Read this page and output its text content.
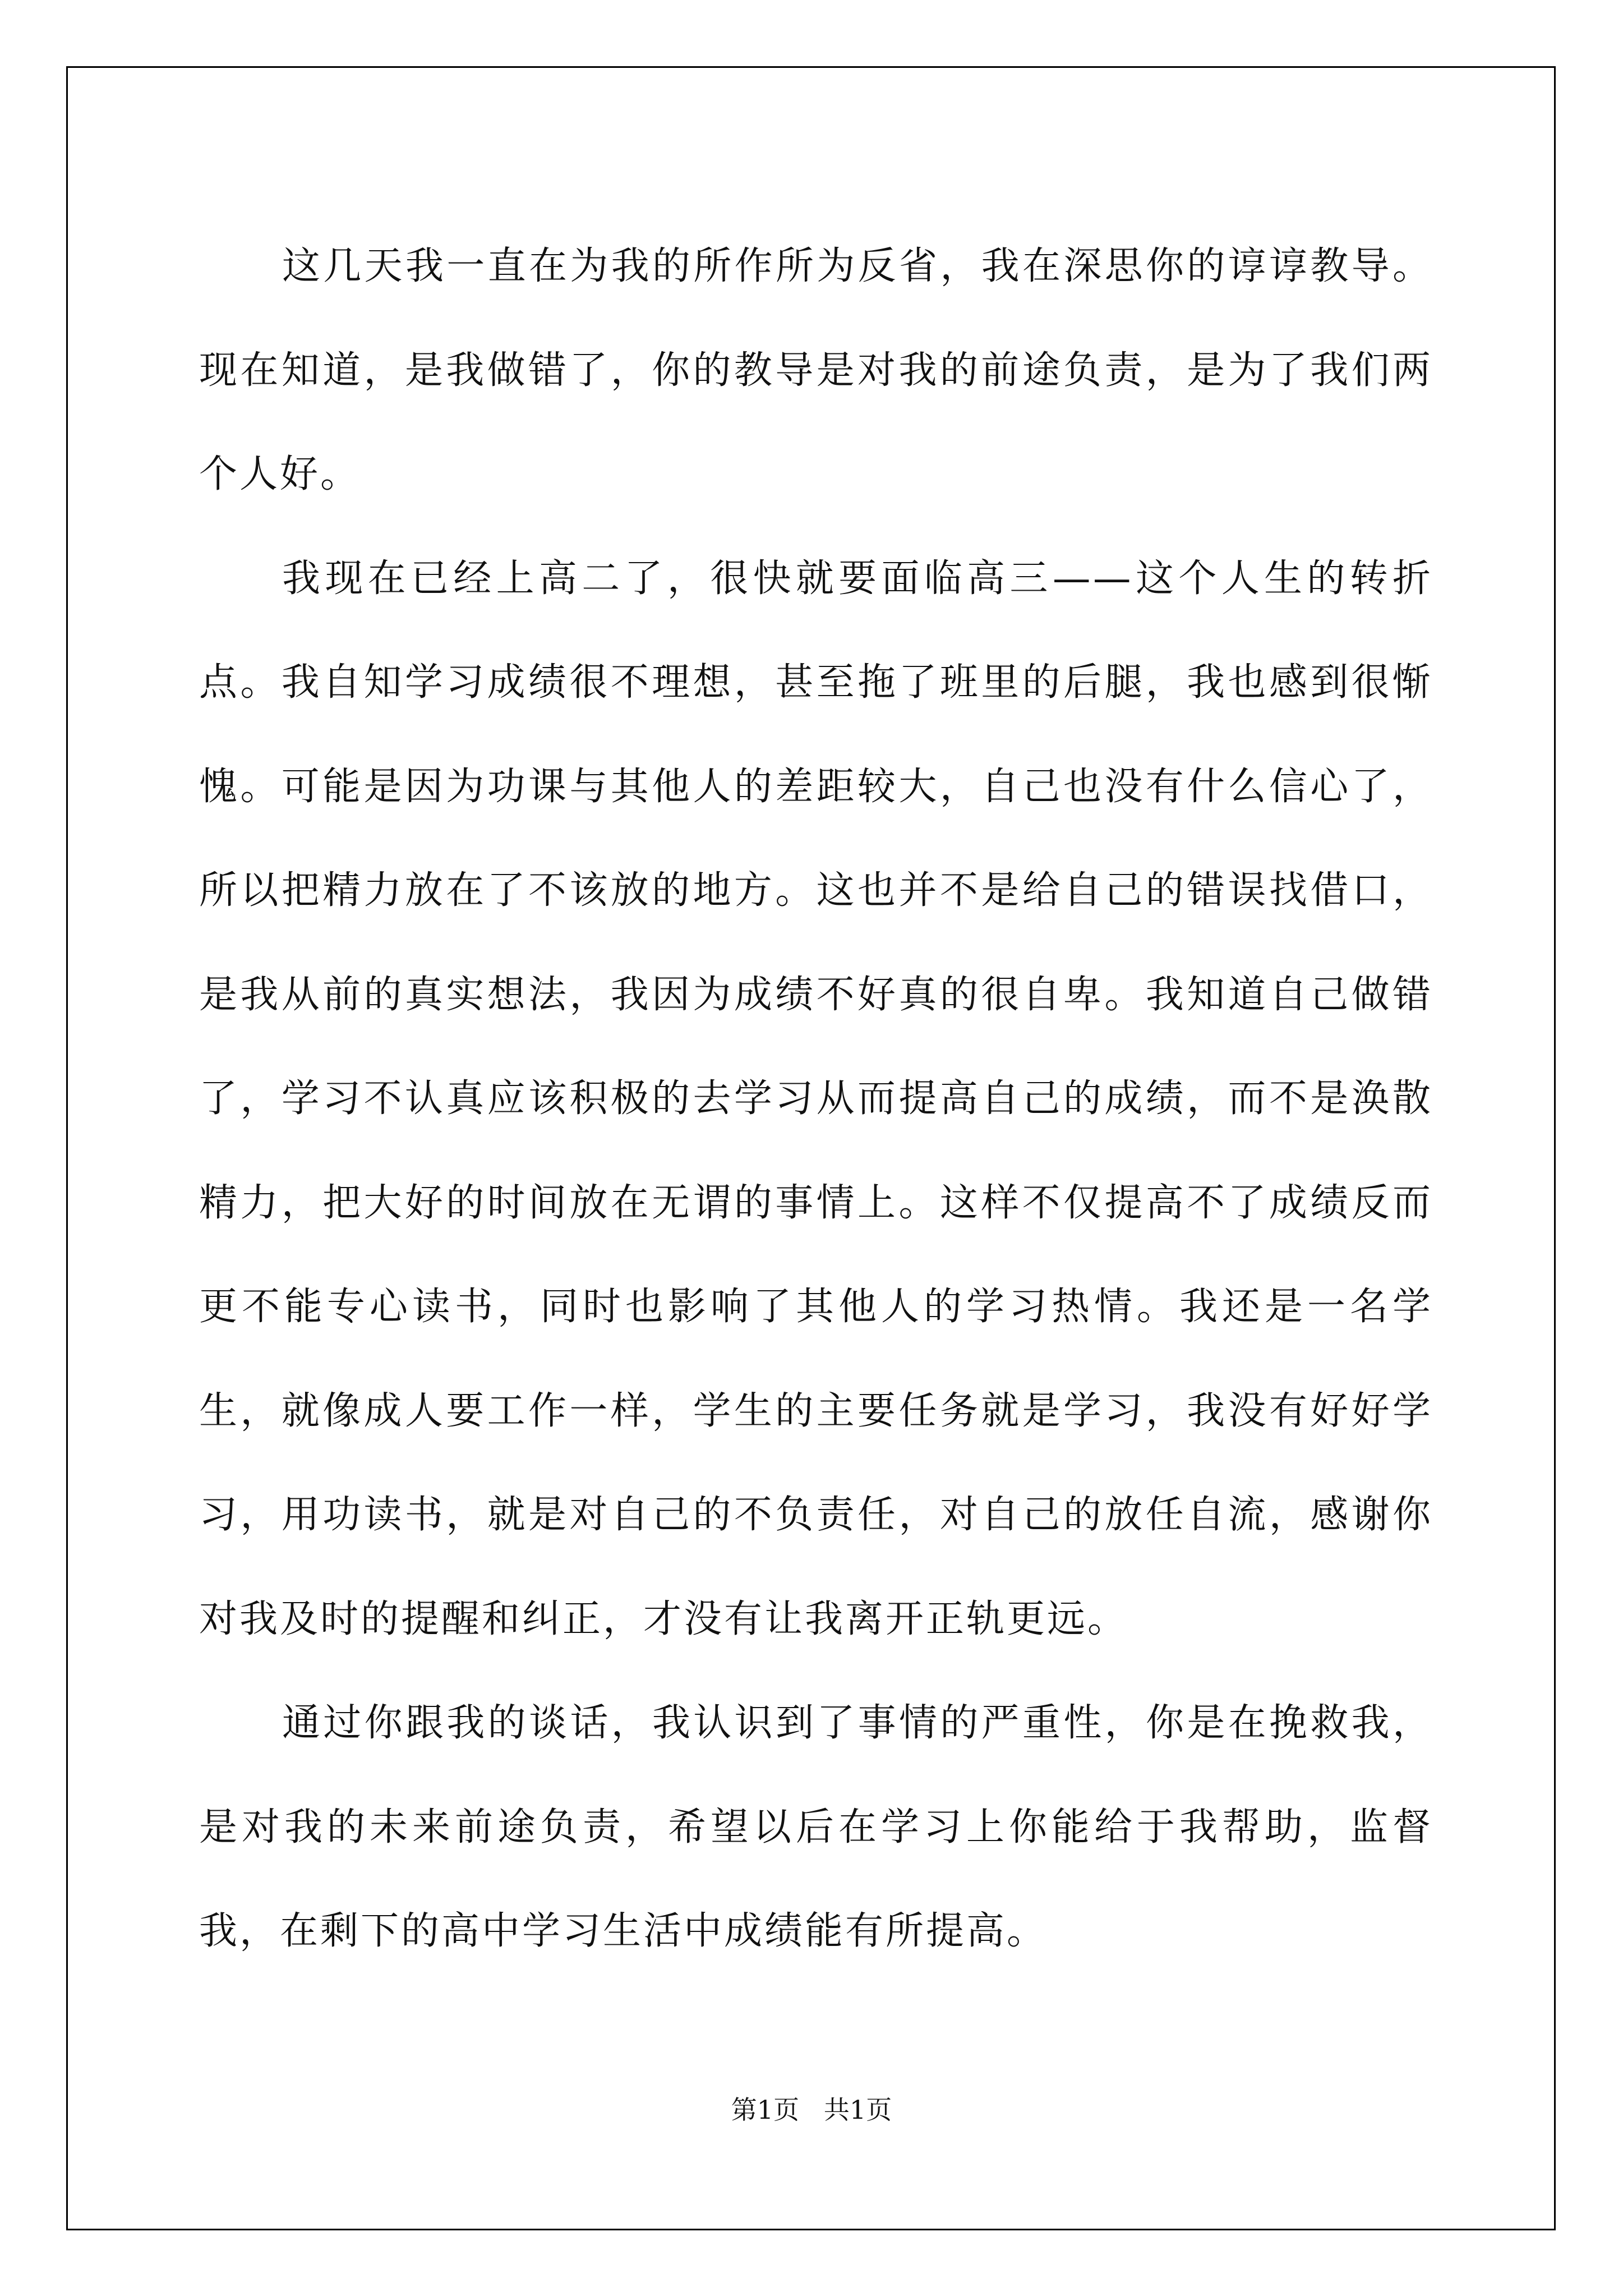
这几天我一直在为我的所作所为反省，我在深思你的谆谆教导。现在知道，是我做错了，你的教导是对我的前途负责，是为了我们两个人好。

我现在已经上高二了，很快就要面临高三——这个人生的转折点。我自知学习成绩很不理想，甚至拖了班里的后腿，我也感到很惭愧。可能是因为功课与其他人的差距较大，自己也没有什么信心了，所以把精力放在了不该放的地方。这也并不是给自己的错误找借口，是我从前的真实想法，我因为成绩不好真的很自卑。我知道自己做错了，学习不认真应该积极的去学习从而提高自己的成绩，而不是涣散精力，把大好的时间放在无谓的事情上。这样不仅提高不了成绩反而更不能专心读书，同时也影响了其他人的学习热情。我还是一名学生，就像成人要工作一样，学生的主要任务就是学习，我没有好好学习，用功读书，就是对自己的不负责任，对自己的放任自流，感谢你对我及时的提醒和纠正，才没有让我离开正轨更远。

通过你跟我的谈话，我认识到了事情的严重性，你是在挽救我，是对我的未来前途负责，希望以后在学习上你能给于我帮助，监督我，在剩下的高中学习生活中成绩能有所提高。

第1页   共1页
